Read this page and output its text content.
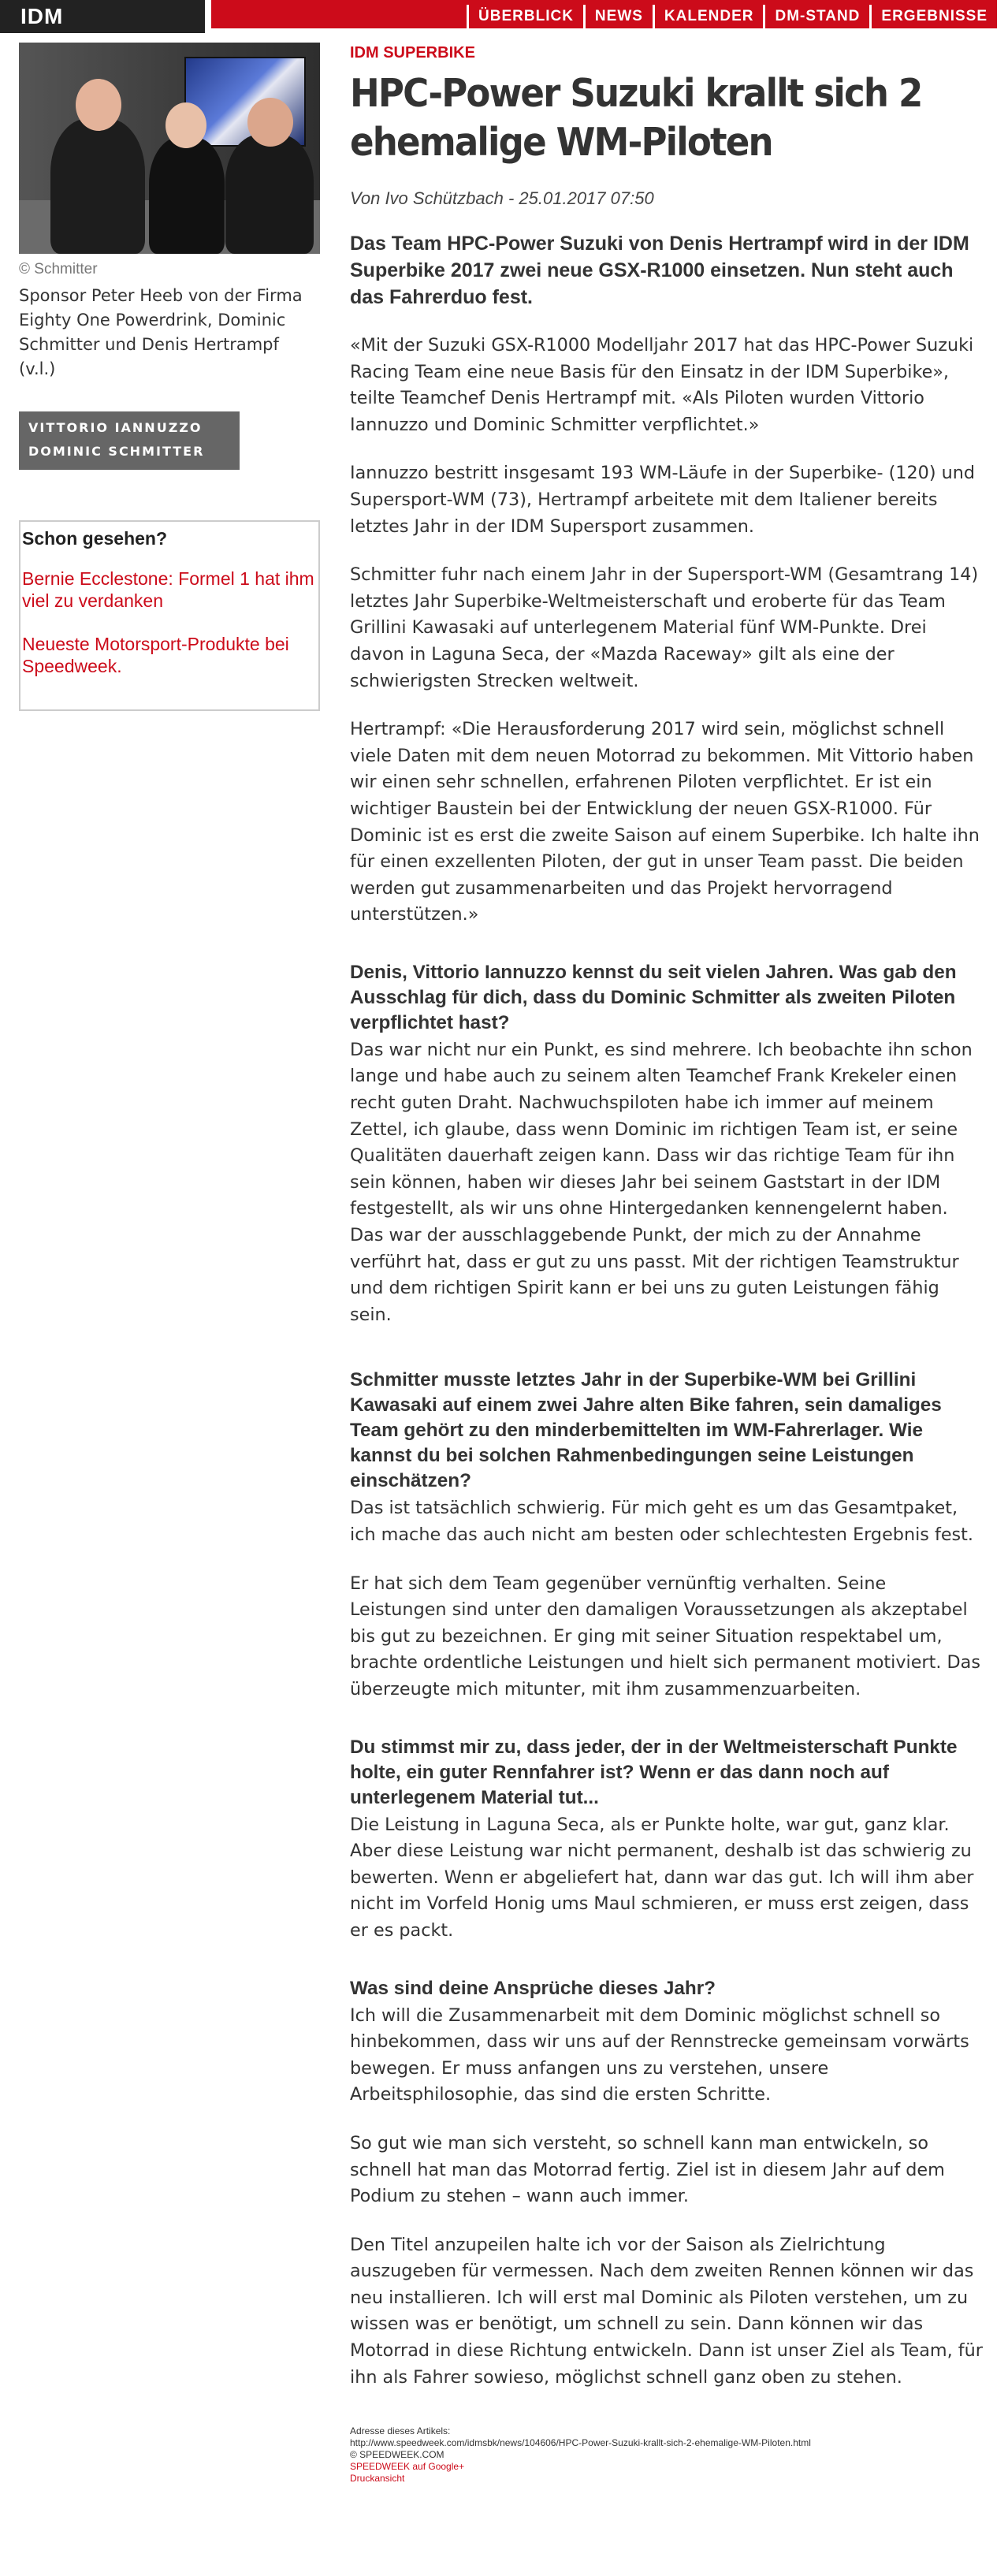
IDM	ÜBERBLICK	NEWS	KALENDER	DM-STAND	ERGEBNISSE
© Schmitter
Sponsor Peter Heeb von der Firma Eighty One Powerdrink, Dominic Schmitter und Denis Hertrampf (v.l.)
VITTORIO IANNUZZO
DOMINIC SCHMITTER
Schon gesehen?
Bernie Ecclestone: Formel 1 hat ihm viel zu verdanken
Neueste Motorsport-Produkte bei Speedweek.
IDM SUPERBIKE
HPC-Power Suzuki krallt sich 2 ehemalige WM-Piloten
Von Ivo Schützbach - 25.01.2017 07:50
Das Team HPC-Power Suzuki von Denis Hertrampf wird in der IDM Superbike 2017 zwei neue GSX-R1000 einsetzen. Nun steht auch das Fahrerduo fest.
«Mit der Suzuki GSX-R1000 Modelljahr 2017 hat das HPC-Power Suzuki Racing Team eine neue Basis für den Einsatz in der IDM Superbike», teilte Teamchef Denis Hertrampf mit. «Als Piloten wurden Vittorio Iannuzzo und Dominic Schmitter verpflichtet.»
Iannuzzo bestritt insgesamt 193 WM-Läufe in der Superbike- (120) und Supersport-WM (73), Hertrampf arbeitete mit dem Italiener bereits letztes Jahr in der IDM Supersport zusammen.
Schmitter fuhr nach einem Jahr in der Supersport-WM (Gesamtrang 14) letztes Jahr Superbike-Weltmeisterschaft und eroberte für das Team Grillini Kawasaki auf unterlegenem Material fünf WM-Punkte. Drei davon in Laguna Seca, der «Mazda Raceway» gilt als eine der schwierigsten Strecken weltweit.
Hertrampf: «Die Herausforderung 2017 wird sein, möglichst schnell viele Daten mit dem neuen Motorrad zu bekommen. Mit Vittorio haben wir einen sehr schnellen, erfahrenen Piloten verpflichtet. Er ist ein wichtiger Baustein bei der Entwicklung der neuen GSX-R1000. Für Dominic ist es erst die zweite Saison auf einem Superbike. Ich halte ihn für einen exzellenten Piloten, der gut in unser Team passt. Die beiden werden gut zusammenarbeiten und das Projekt hervorragend unterstützen.»
Denis, Vittorio Iannuzzo kennst du seit vielen Jahren. Was gab den Ausschlag für dich, dass du Dominic Schmitter als zweiten Piloten verpflichtet hast?
Das war nicht nur ein Punkt, es sind mehrere. Ich beobachte ihn schon lange und habe auch zu seinem alten Teamchef Frank Krekeler einen recht guten Draht. Nachwuchspiloten habe ich immer auf meinem Zettel, ich glaube, dass wenn Dominic im richtigen Team ist, er seine Qualitäten dauerhaft zeigen kann. Dass wir das richtige Team für ihn sein können, haben wir dieses Jahr bei seinem Gaststart in der IDM festgestellt, als wir uns ohne Hintergedanken kennengelernt haben. Das war der ausschlaggebende Punkt, der mich zu der Annahme verführt hat, dass er gut zu uns passt. Mit der richtigen Teamstruktur und dem richtigen Spirit kann er bei uns zu guten Leistungen fähig sein.
Schmitter musste letztes Jahr in der Superbike-WM bei Grillini Kawasaki auf einem zwei Jahre alten Bike fahren, sein damaliges Team gehört zu den minderbemittelten im WM-Fahrerlager. Wie kannst du bei solchen Rahmenbedingungen seine Leistungen einschätzen?
Das ist tatsächlich schwierig. Für mich geht es um das Gesamtpaket, ich mache das auch nicht am besten oder schlechtesten Ergebnis fest.
Er hat sich dem Team gegenüber vernünftig verhalten. Seine Leistungen sind unter den damaligen Voraussetzungen als akzeptabel bis gut zu bezeichnen. Er ging mit seiner Situation respektabel um, brachte ordentliche Leistungen und hielt sich permanent motiviert. Das überzeugte mich mitunter, mit ihm zusammenzuarbeiten.
Du stimmst mir zu, dass jeder, der in der Weltmeisterschaft Punkte holte, ein guter Rennfahrer ist? Wenn er das dann noch auf unterlegenem Material tut...
Die Leistung in Laguna Seca, als er Punkte holte, war gut, ganz klar. Aber diese Leistung war nicht permanent, deshalb ist das schwierig zu bewerten. Wenn er abgeliefert hat, dann war das gut. Ich will ihm aber nicht im Vorfeld Honig ums Maul schmieren, er muss erst zeigen, dass er es packt.
Was sind deine Ansprüche dieses Jahr?
Ich will die Zusammenarbeit mit dem Dominic möglichst schnell so hinbekommen, dass wir uns auf der Rennstrecke gemeinsam vorwärts bewegen. Er muss anfangen uns zu verstehen, unsere Arbeitsphilosophie, das sind die ersten Schritte.
So gut wie man sich versteht, so schnell kann man entwickeln, so schnell hat man das Motorrad fertig. Ziel ist in diesem Jahr auf dem Podium zu stehen – wann auch immer.
Den Titel anzupeilen halte ich vor der Saison als Zielrichtung auszugeben für vermessen. Nach dem zweiten Rennen können wir das neu installieren. Ich will erst mal Dominic als Piloten verstehen, um zu wissen was er benötigt, um schnell zu sein. Dann können wir das Motorrad in diese Richtung entwickeln. Dann ist unser Ziel als Team, für ihn als Fahrer sowieso, möglichst schnell ganz oben zu stehen.
Adresse dieses Artikels:
http://www.speedweek.com/idmsbk/news/104606/HPC-Power-Suzuki-krallt-sich-2-ehemalige-WM-Piloten.html
© SPEEDWEEK.COM
SPEEDWEEK auf Google+
Druckansicht
